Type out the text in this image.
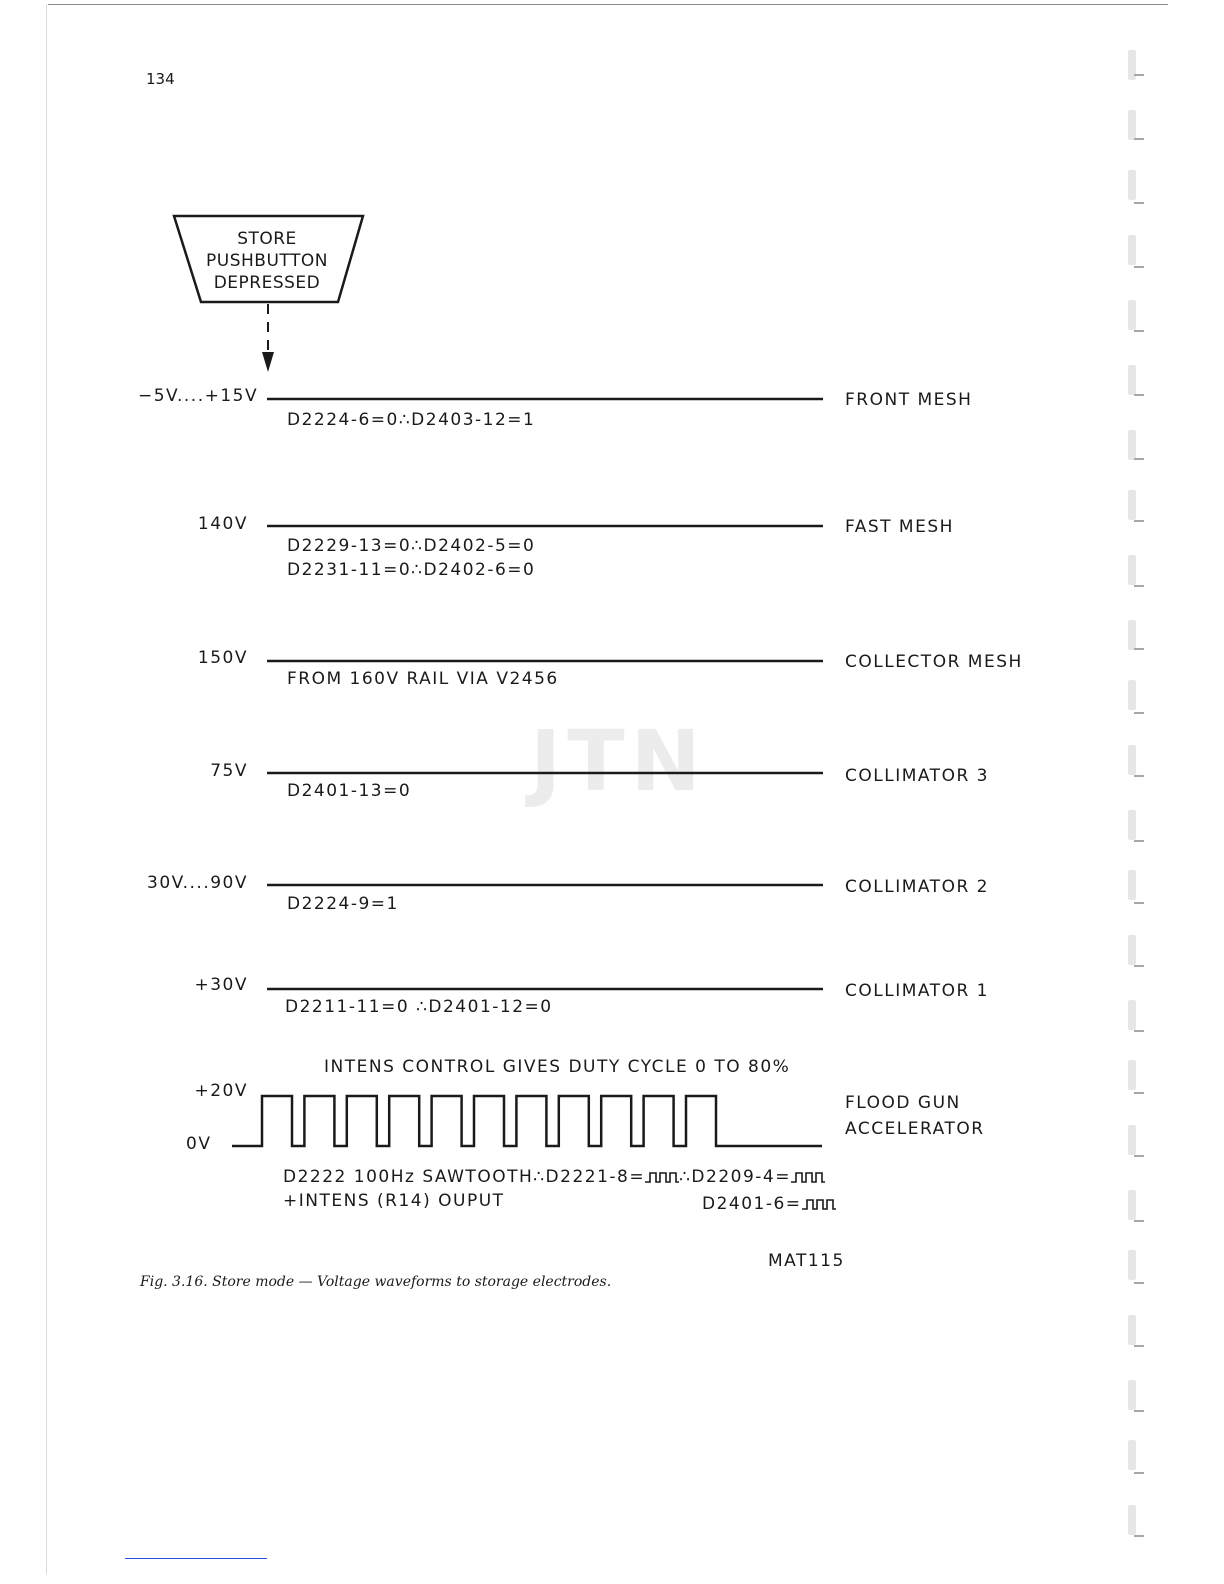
134
JTN
STORE
PUSHBUTTON
DEPRESSED
−5V....+15V	FRONT MESH
D2224-6=0∴D2403-12=1
140V	FAST MESH
D2229-13=0∴D2402-5=0
D2231-11=0∴D2402-6=0
150V	COLLECTOR MESH
FROM 160V RAIL VIA V2456
75V	COLLIMATOR 3
D2401-13=0
30V....90V	COLLIMATOR 2
D2224-9=1
+30V	COLLIMATOR 1
D2211-11=0 ∴D2401-12=0
INTENS CONTROL GIVES DUTY CYCLE 0 TO 80%
+20V
0V
FLOOD GUN
ACCELERATOR
D2222 100Hz SAWTOOTH∴D2221-8= ∴D2209-4=
+INTENS (R14) OUPUT	D2401-6=
MAT115
Fig. 3.16. Store mode — Voltage waveforms to storage electrodes.
